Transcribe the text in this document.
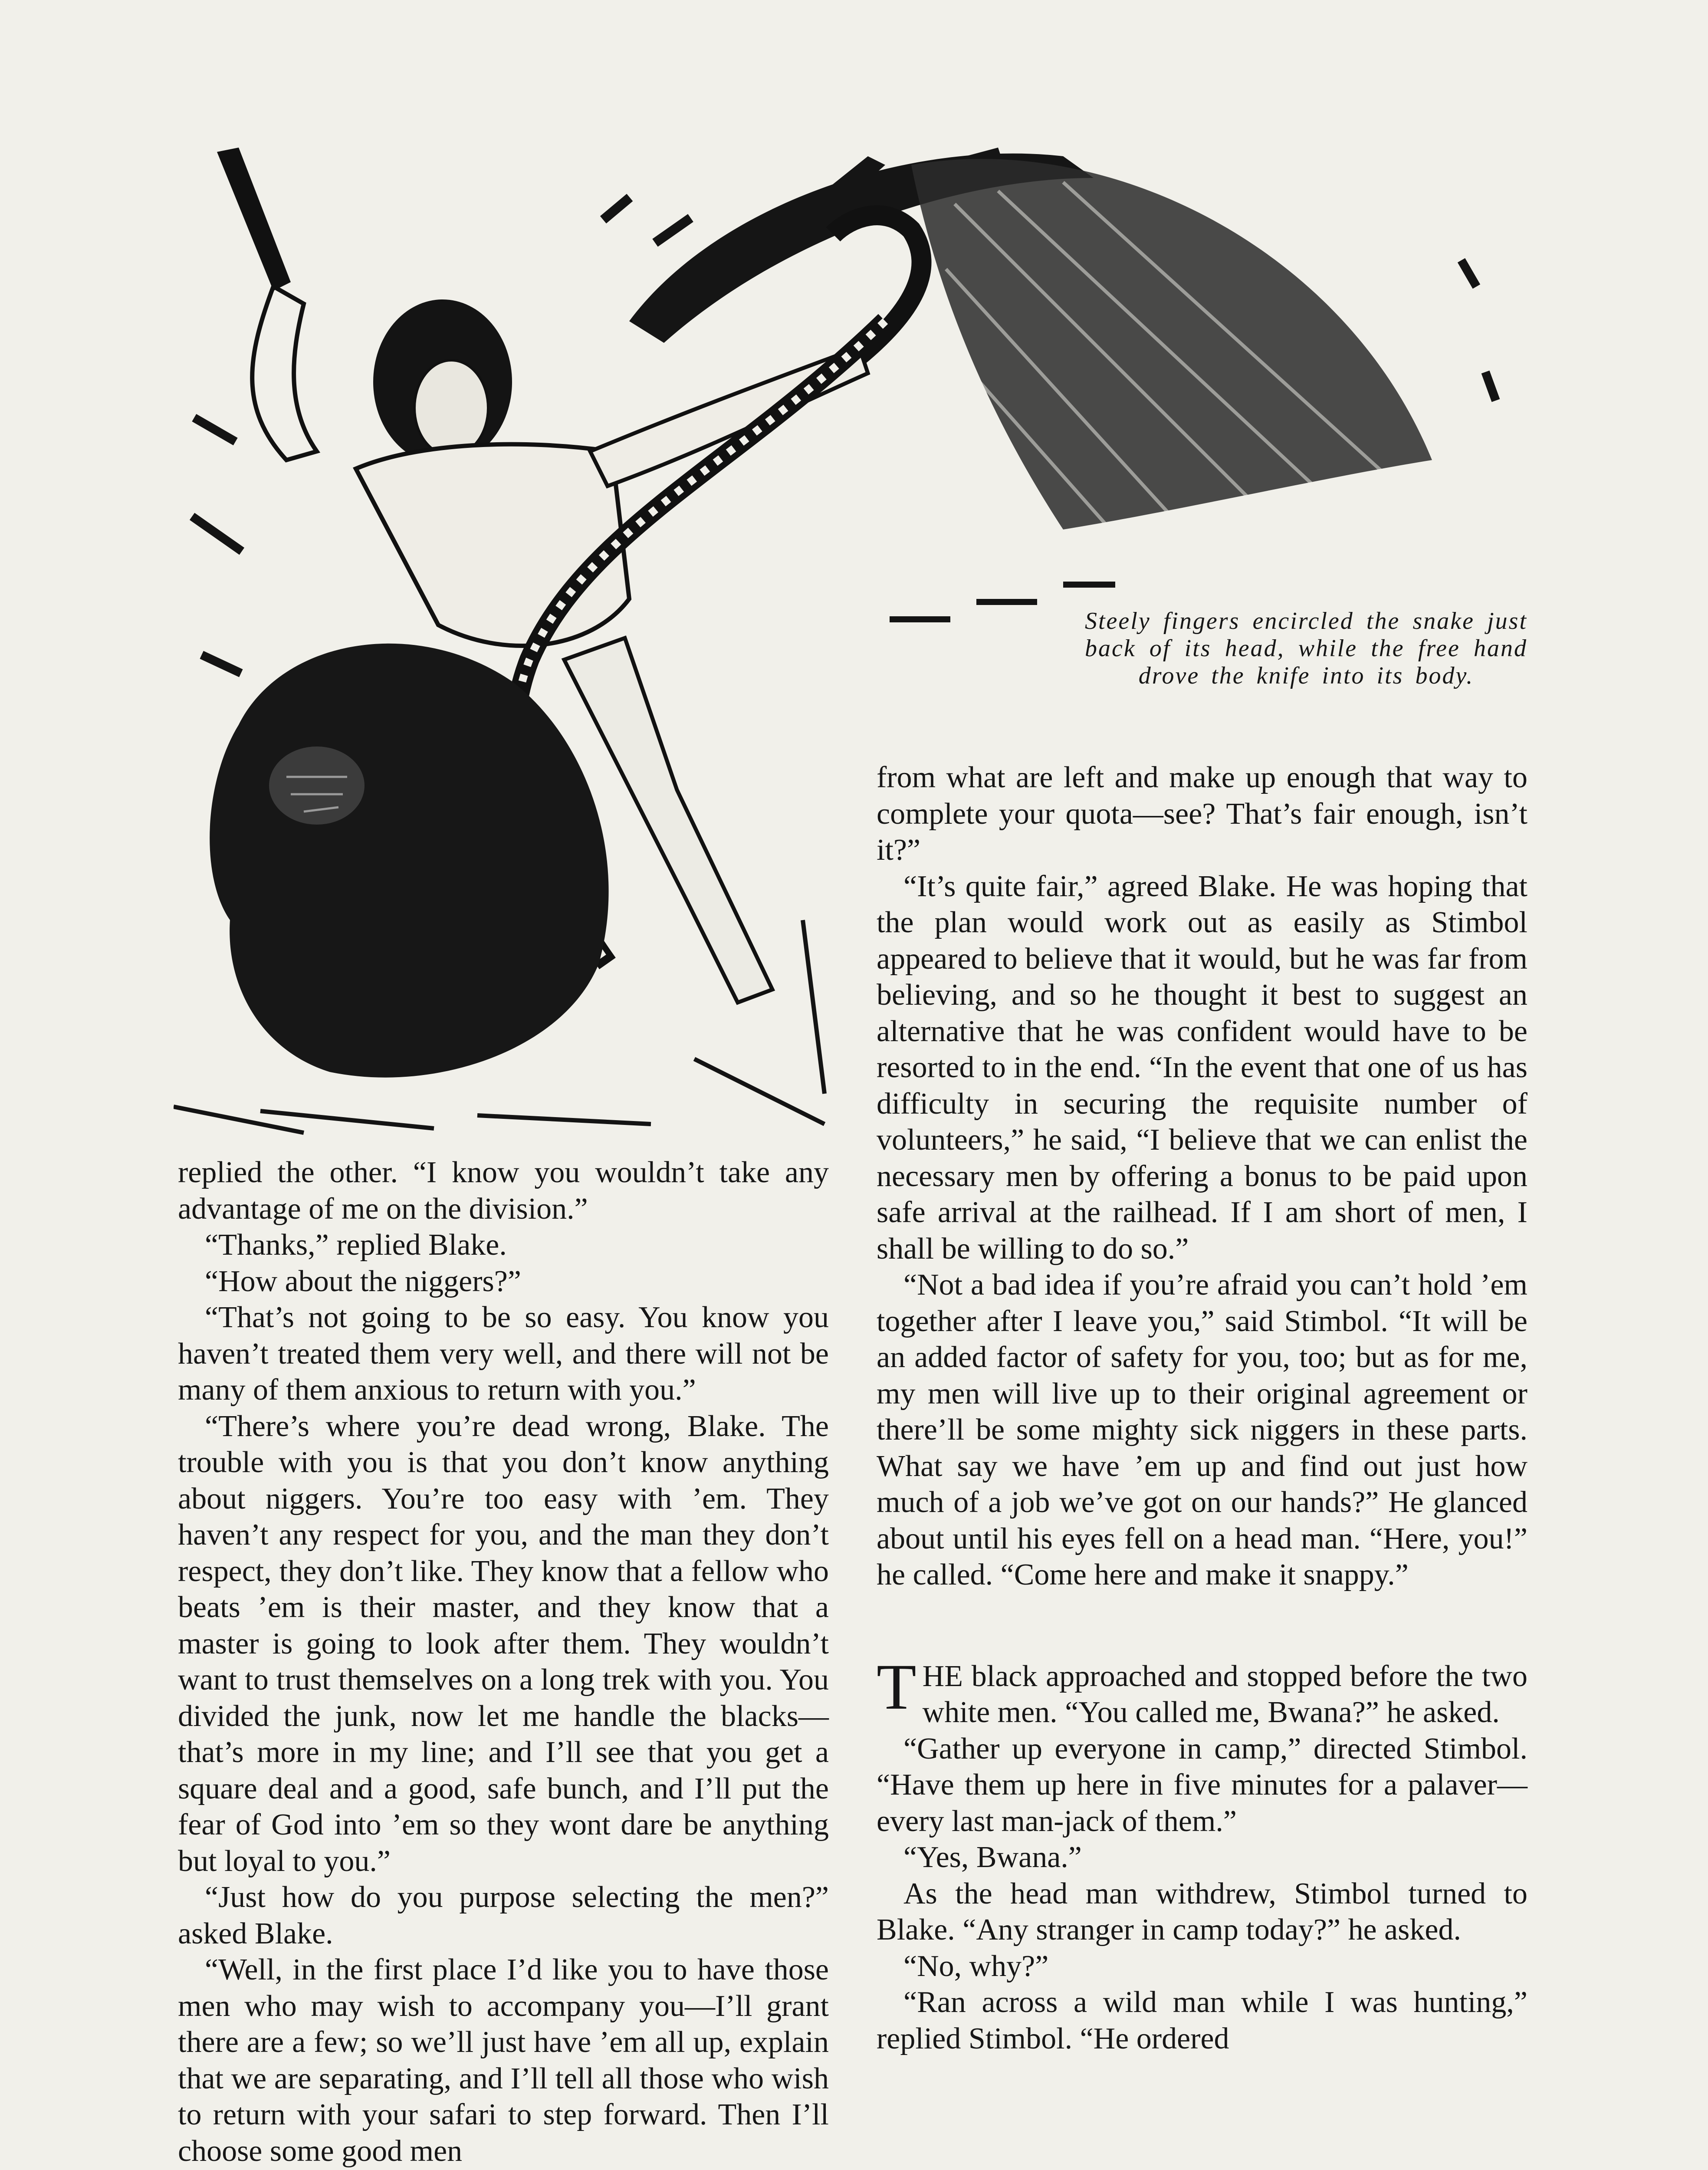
Steely fingers encircled the snake just back of its head, while the free hand drove the knife into its body.

replied the other. “I know you wouldn’t take any advantage of me on the division.”

“Thanks,” replied Blake.

“How about the niggers?”

“That’s not going to be so easy. You know you haven’t treated them very well, and there will not be many of them anxious to return with you.”

“There’s where you’re dead wrong, Blake. The trouble with you is that you don’t know anything about niggers. You’re too easy with ’em. They haven’t any respect for you, and the man they don’t respect, they don’t like. They know that a fellow who beats ’em is their master, and they know that a master is going to look after them. They wouldn’t want to trust themselves on a long trek with you. You divided the junk, now let me handle the blacks—that’s more in my line; and I’ll see that you get a square deal and a good, safe bunch, and I’ll put the fear of God into ’em so they wont dare be anything but loyal to you.”

“Just how do you purpose selecting the men?” asked Blake.

“Well, in the first place I’d like you to have those men who may wish to accompany you—I’ll grant there are a few; so we’ll just have ’em all up, explain that we are separating, and I’ll tell all those who wish to return with your safari to step forward. Then I’ll choose some good men

from what are left and make up enough that way to complete your quota—see? That’s fair enough, isn’t it?”

“It’s quite fair,” agreed Blake. He was hoping that the plan would work out as easily as Stimbol appeared to believe that it would, but he was far from believing, and so he thought it best to suggest an alternative that he was confident would have to be resorted to in the end. “In the event that one of us has difficulty in securing the requisite number of volunteers,” he said, “I believe that we can enlist the necessary men by offering a bonus to be paid upon safe arrival at the railhead. If I am short of men, I shall be willing to do so.”

“Not a bad idea if you’re afraid you can’t hold ’em together after I leave you,” said Stimbol. “It will be an added factor of safety for you, too; but as for me, my men will live up to their original agreement or there’ll be some mighty sick niggers in these parts. What say we have ’em up and find out just how much of a job we’ve got on our hands?” He glanced about until his eyes fell on a head man. “Here, you!” he called. “Come here and make it snappy.”

THE black approached and stopped before the two white men. “You called me, Bwana?” he asked.

“Gather up everyone in camp,” directed Stimbol. “Have them up here in five minutes for a palaver—every last man-jack of them.”

“Yes, Bwana.”

As the head man withdrew, Stimbol turned to Blake. “Any stranger in camp today?” he asked.

“No, why?”

“Ran across a wild man while I was hunting,” replied Stimbol. “He ordered
